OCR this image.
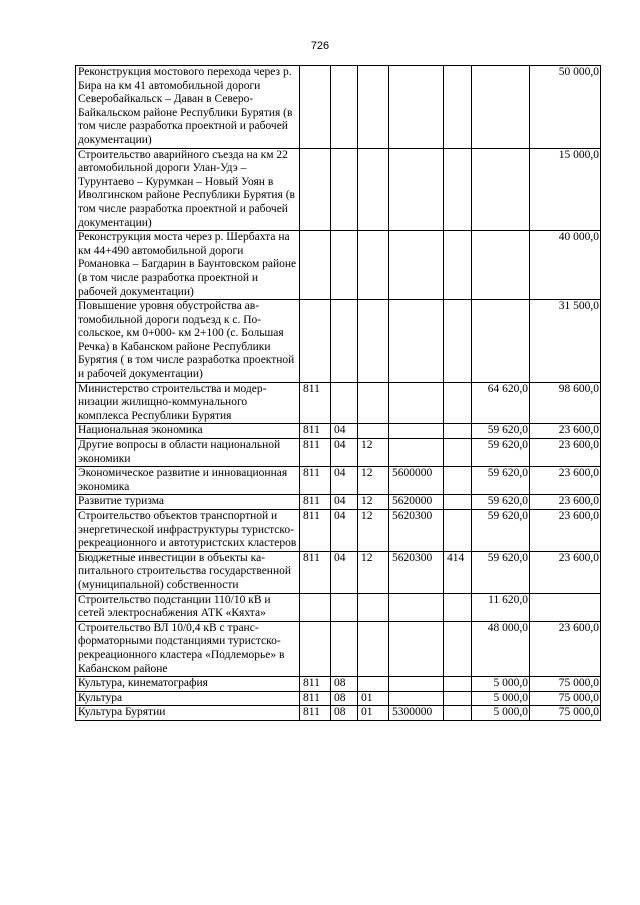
726
Реконструкция мостового перехода через р. Бира на км 41 автомобильной дороги Северобайкальск – Даван в Северо-Байкальском районе Республики Бурятия (в том числе разработка проектной и рабочей документации)							50 000,0
Строительство аварийного съезда на км 22 автомобильной дороги Улан-Удэ – Турунтаево – Курумкан – Новый Уоян в Иволгинском районе Республики Бурятия (в том числе разработка проектной и рабочей документации)							15 000,0
Реконструкция моста через р. Шербахта на км 44+490 автомобильной дороги Романовка – Багдарин в Баунтовском районе (в том числе разработка проектной и рабочей документации)							40 000,0
Повышение уровня обустройства автомобильной дороги подъезд к с. Посольское, км 0+000- км 2+100 (с. Большая Речка) в Кабанском районе Республики Бурятия ( в том числе разработка проектной и рабочей документации)							31 500,0
Министерство строительства и модернизации жилищно-коммунального комплекса Республики Бурятия	811					64 620,0	98 600,0
Национальная экономика	811	04				59 620,0	23 600,0
Другие вопросы в области национальной экономики	811	04	12			59 620,0	23 600,0
Экономическое развитие и инновационная экономика	811	04	12	5600000		59 620,0	23 600,0
Развитие туризма	811	04	12	5620000		59 620,0	23 600,0
Строительство объектов транспортной и энергетической инфраструктуры туристско-рекреационного и автотуристских кластеров	811	04	12	5620300		59 620,0	23 600,0
Бюджетные инвестиции в объекты капитального строительства государственной (муниципальной) собственности	811	04	12	5620300	414	59 620,0	23 600,0
Строительство подстанции 110/10 кВ и сетей электроснабжения АТК «Кяхта»						11 620,0	
Строительство ВЛ 10/0,4 кВ с трансформаторными подстанциями туристско-рекреационного кластера «Подлеморье» в Кабанском районе						48 000,0	23 600,0
Культура, кинематография	811	08				5 000,0	75 000,0
Культура	811	08	01			5 000,0	75 000,0
Культура Бурятии	811	08	01	5300000		5 000,0	75 000,0
